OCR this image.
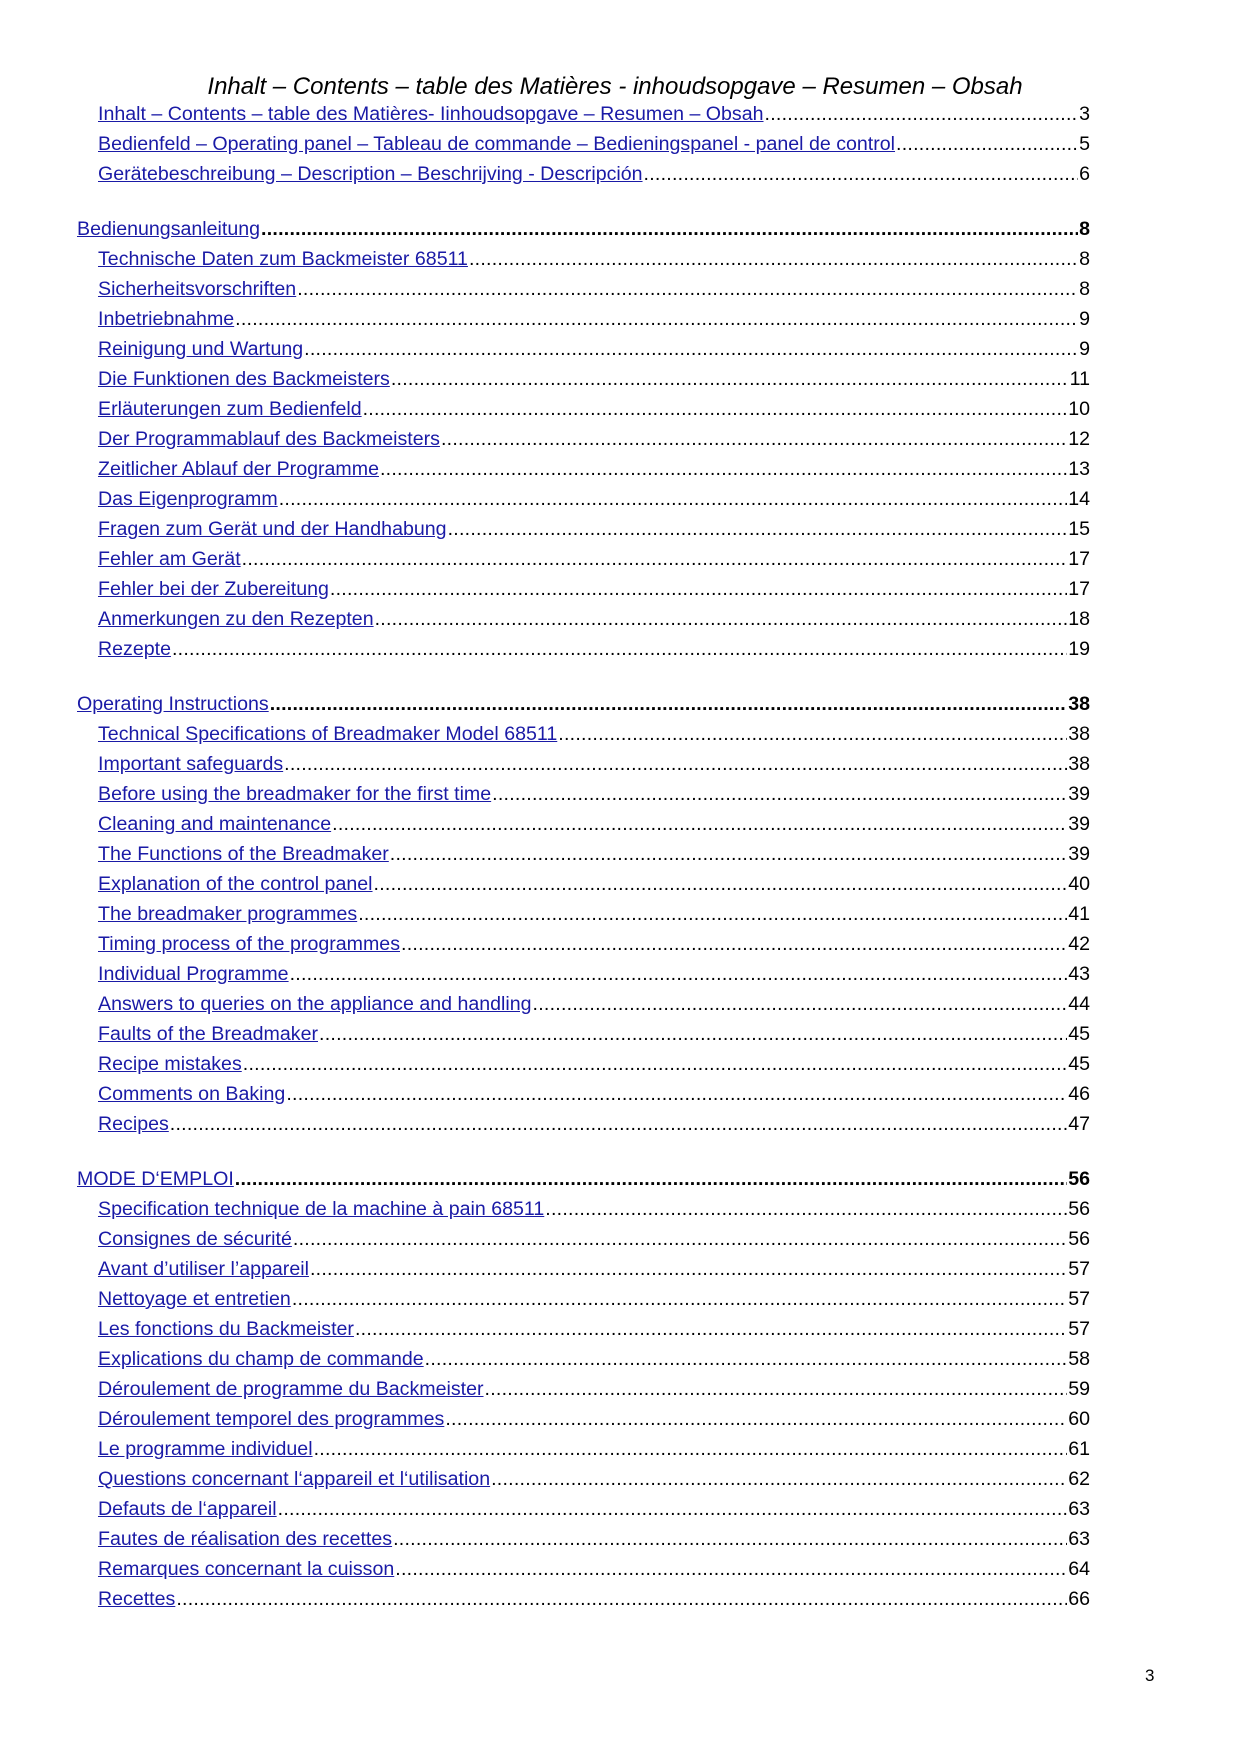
Inhalt – Contents – table des Matières - inhoudsopgave – Resumen – Obsah
Inhalt – Contents – table des Matières- Iinhoudsopgave – Resumen – Obsah . . .	3
Bedienfeld – Operating panel – Tableau de commande – Bedieningspanel - panel de control . . .	5
Gerätebeschreibung – Description – Beschrijving - Descripción . . .	6
Bedienungsanleitung . . .	8
Technische Daten zum Backmeister 68511 . . .	8
Sicherheitsvorschriften . . .	8
Inbetriebnahme . . .	9
Reinigung und Wartung . . .	9
Die Funktionen des Backmeisters . . .	11
Erläuterungen zum Bedienfeld . . .	10
Der Programmablauf des Backmeisters . . .	12
Zeitlicher Ablauf der Programme . . .	13
Das Eigenprogramm . . .	14
Fragen zum Gerät und der Handhabung . . .	15
Fehler am Gerät . . .	17
Fehler bei der Zubereitung . . .	17
Anmerkungen zu den Rezepten . . .	18
Rezepte . . .	19
Operating Instructions . . .	38
Technical Specifications of Breadmaker Model 68511 . . .	38
Important safeguards . . .	38
Before using the breadmaker for the first time . . .	39
Cleaning and maintenance . . .	39
The Functions of the Breadmaker . . .	39
Explanation of the control panel . . .	40
The breadmaker programmes . . .	41
Timing process of the programmes . . .	42
Individual Programme . . .	43
Answers to queries on the appliance and handling . . .	44
Faults of the Breadmaker . . .	45
Recipe mistakes . . .	45
Comments on Baking . . .	46
Recipes . . .	47
MODE D‘EMPLOI . . .	56
Specification technique de la machine à pain 68511 . . .	56
Consignes de sécurité . . .	56
Avant d’utiliser l’appareil . . .	57
Nettoyage et entretien . . .	57
Les fonctions du Backmeister . . .	57
Explications du champ de commande . . .	58
Déroulement de programme du Backmeister . . .	59
Déroulement temporel des programmes . . .	60
Le programme individuel . . .	61
Questions concernant l‘appareil et l‘utilisation . . .	62
Defauts de l‘appareil . . .	63
Fautes de réalisation des recettes . . .	63
Remarques concernant la cuisson . . .	64
Recettes . . .	66
3
